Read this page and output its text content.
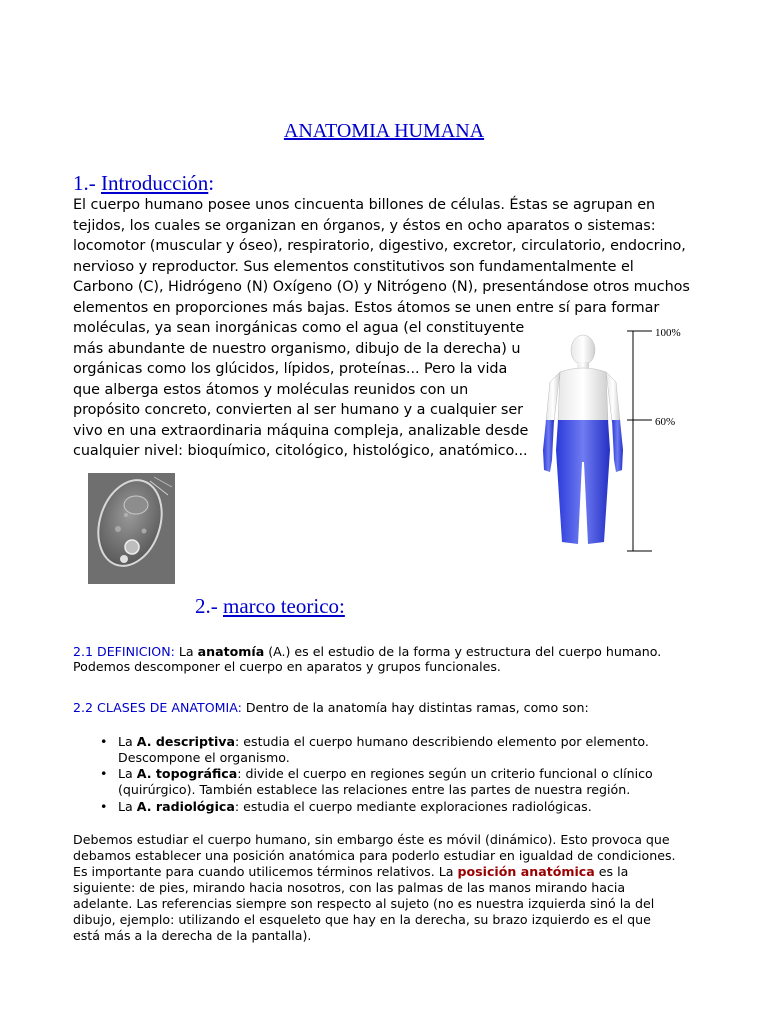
ANATOMIA HUMANA
1.- Introducción:
El cuerpo humano posee unos cincuenta billones de células. Éstas se agrupan en
tejidos, los cuales se organizan en órganos, y éstos en ocho aparatos o sistemas:
locomotor (muscular y óseo), respiratorio, digestivo, excretor, circulatorio, endocrino,
nervioso y reproductor. Sus elementos constitutivos son fundamentalmente el
Carbono (C), Hidrógeno (N) Oxígeno (O) y Nitrógeno (N), presentándose otros muchos
elementos en proporciones más bajas. Estos átomos se unen entre sí para formar
moléculas, ya sean inorgánicas como el agua (el constituyente
más abundante de nuestro organismo, dibujo de la derecha) u
orgánicas como los glúcidos, lípidos, proteínas... Pero la vida
que alberga estos átomos y moléculas reunidos con un
propósito concreto, convierten al ser humano y a cualquier ser
vivo en una extraordinaria máquina compleja, analizable desde
cualquier nivel: bioquímico, citológico, histológico, anatómico...
100%
60%
2.- marco teorico:
2.1 DEFINICION: La anatomía (A.) es el estudio de la forma y estructura del cuerpo humano.
Podemos descomponer el cuerpo en aparatos y grupos funcionales.
2.2 CLASES DE ANATOMIA: Dentro de la anatomía hay distintas ramas, como son:
• La A. descriptiva: estudia el cuerpo humano describiendo elemento por elemento.
Descompone el organismo.
• La A. topográfica: divide el cuerpo en regiones según un criterio funcional o clínico
(quirúrgico). También establece las relaciones entre las partes de nuestra región.
• La A. radiológica: estudia el cuerpo mediante exploraciones radiológicas.
Debemos estudiar el cuerpo humano, sin embargo éste es móvil (dinámico). Esto provoca que
debamos establecer una posición anatómica para poderlo estudiar en igualdad de condiciones.
Es importante para cuando utilicemos términos relativos. La posición anatómica es la
siguiente: de pies, mirando hacia nosotros, con las palmas de las manos mirando hacia
adelante. Las referencias siempre son respecto al sujeto (no es nuestra izquierda sinó la del
dibujo, ejemplo: utilizando el esqueleto que hay en la derecha, su brazo izquierdo es el que
está más a la derecha de la pantalla).
